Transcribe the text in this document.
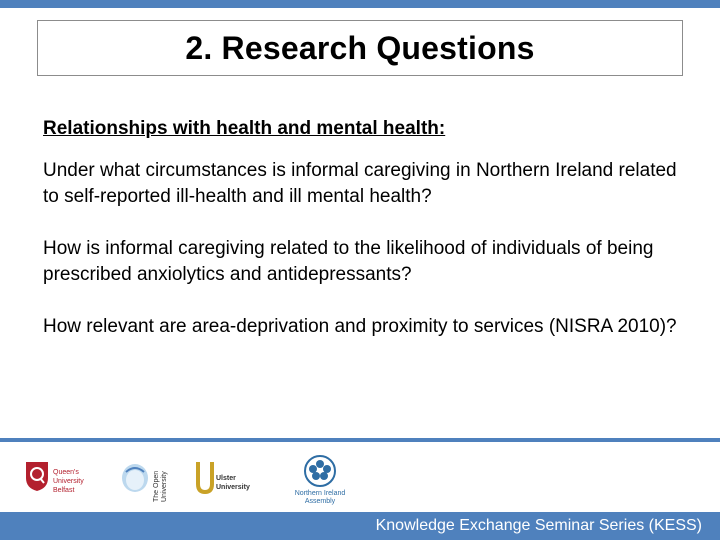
2. Research Questions

Relationships with health and mental health:

Under what circumstances is informal caregiving in Northern Ireland related to self-reported ill-health and ill mental health?

How is informal caregiving related to the likelihood of individuals of being prescribed anxiolytics and antidepressants?

How relevant are area-deprivation and proximity to services (NISRA 2010)?

Queen's University
Belfast	The Open University	Ulster
University
Northern Ireland
Assembly
Knowledge Exchange Seminar Series (KESS)
